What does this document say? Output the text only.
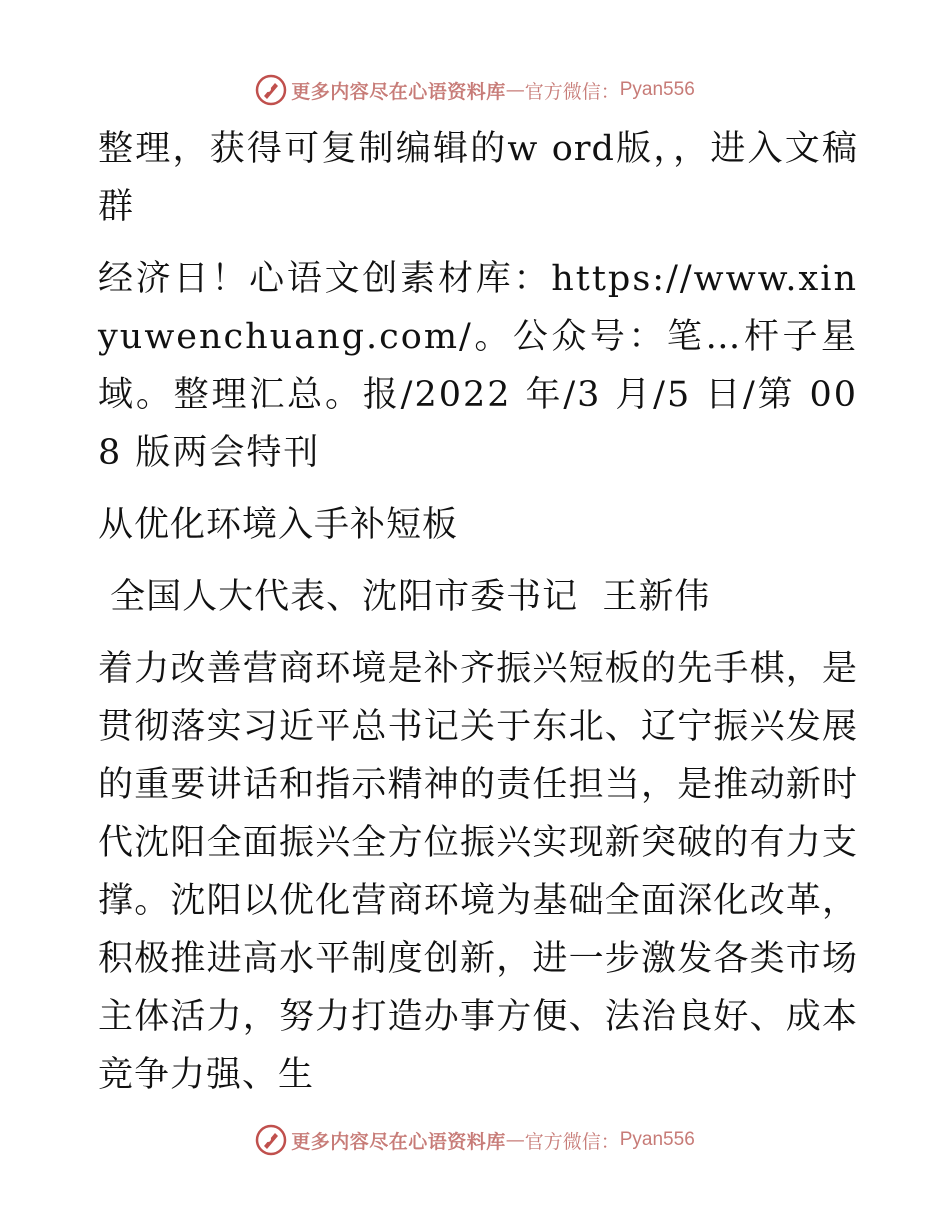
更多内容尽在心语资料库 — 官方微信： Pyan556

整理，获得可复制编辑的w ord版，，进入文稿群

经济日！心语文创素材库：https://www.xinyuwenchuang.com/。公众号：笔…杆子星域。整理汇总。报/2022 年/3 月/5 日/第 008 版两会特刊

从优化环境入手补短板

全国人大代表、沈阳市委书记  王新伟

着力改善营商环境是补齐振兴短板的先手棋，是贯彻落实习近平总书记关于东北、辽宁振兴发展的重要讲话和指示精神的责任担当，是推动新时代沈阳全面振兴全方位振兴实现新突破的有力支撑。沈阳以优化营商环境为基础全面深化改革，积极推进高水平制度创新，进一步激发各类市场主体活力，努力打造办事方便、法治良好、成本竞争力强、生

更多内容尽在心语资料库 — 官方微信： Pyan556
